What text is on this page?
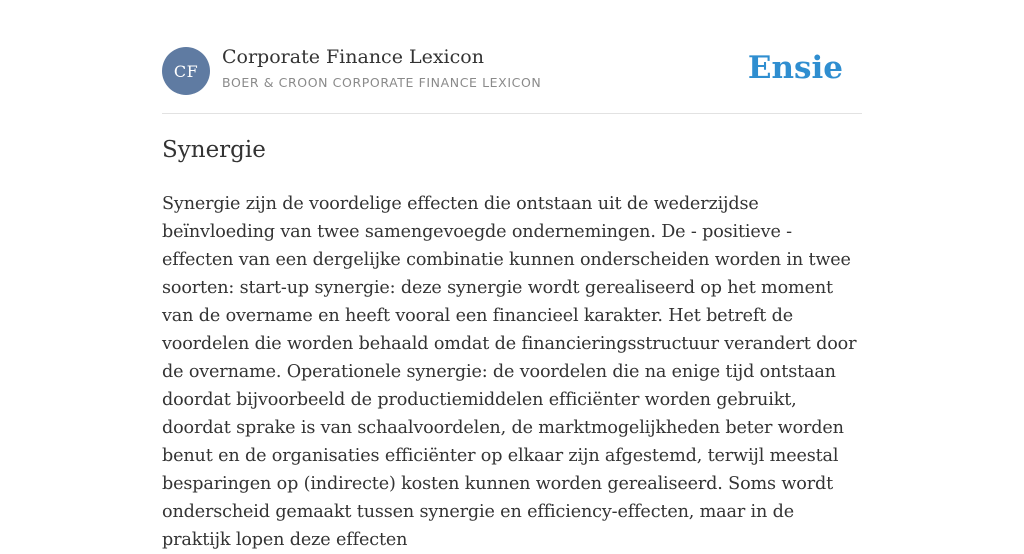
CF
Corporate Finance Lexicon
BOER & CROON CORPORATE FINANCE LEXICON	Ensie
Synergie

Synergie zijn de voordelige effecten die ontstaan uit de wederzijdse beïnvloeding van twee samengevoegde ondernemingen. De - positieve - effecten van een dergelijke combinatie kunnen onderscheiden worden in twee soorten: start-up synergie: deze synergie wordt gerealiseerd op het moment van de overname en heeft vooral een financieel karakter. Het betreft de voordelen die worden behaald omdat de financieringsstructuur verandert door de overname. Operationele synergie: de voordelen die na enige tijd ontstaan doordat bijvoorbeeld de productiemiddelen efficiënter worden gebruikt, doordat sprake is van schaalvoordelen, de marktmogelijkheden beter worden benut en de organisaties efficiënter op elkaar zijn afgestemd, terwijl meestal besparingen op (indirecte) kosten kunnen worden gerealiseerd. Soms wordt onderscheid gemaakt tussen synergie en efficiency-effecten, maar in de praktijk lopen deze effecten
